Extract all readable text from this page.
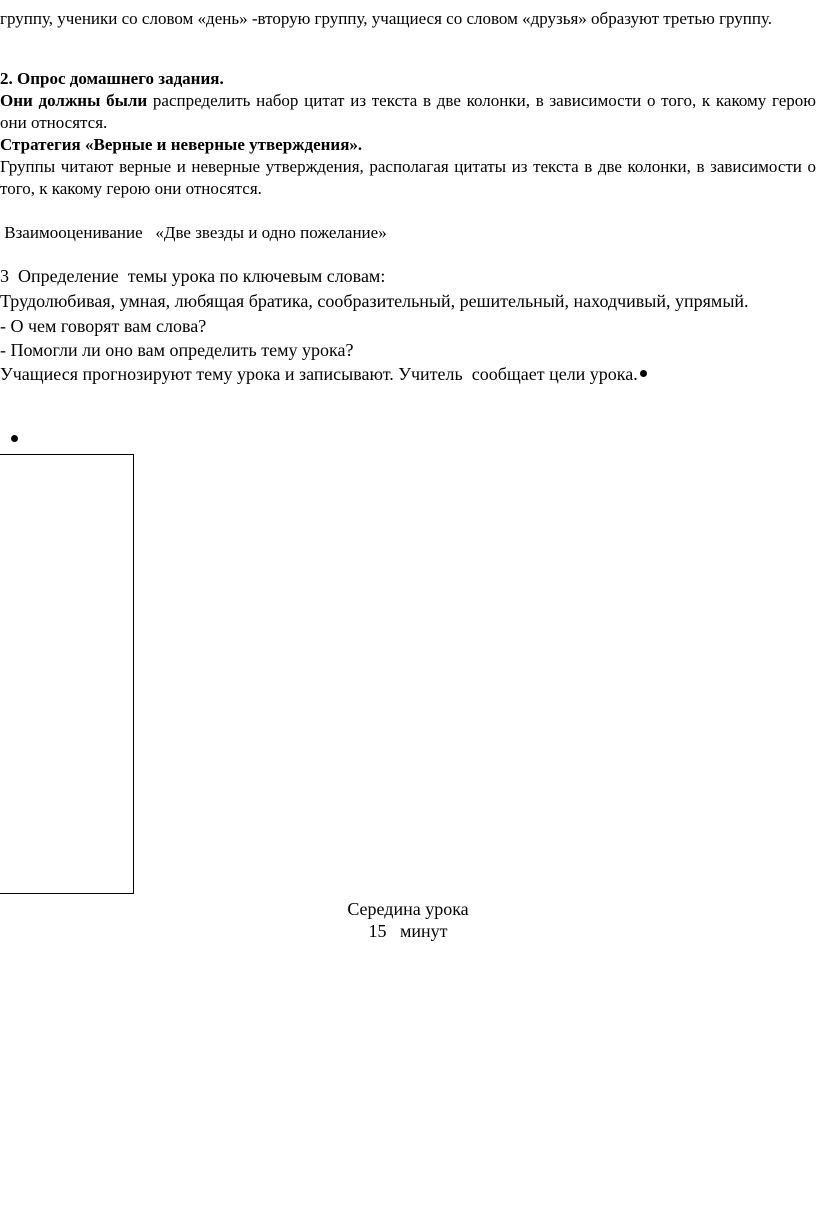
группу, ученики со словом «день» -вторую группу, учащиеся со словом «друзья» образуют третью группу.

2. Опрос домашнего задания.

Они должны были распределить набор цитат из текста в две колонки, в зависимости о того, к какому герою они относятся.

Стратегия «Верные и неверные утверждения».

Группы читают верные и неверные утверждения, располагая цитаты из текста в две колонки, в зависимости о того, к какому герою они относятся.

Взаимооценивание   «Две звезды и одно пожелание»

3  Определение  темы урока по ключевым словам:

Трудолюбивая, умная, любящая братика, сообразительный, решительный, находчивый, упрямый.

- О чем говорят вам слова?

- Помогли ли оно вам определить тему урока?

Учащиеся прогнозируют тему урока и записывают. Учитель  сообщает цели урока.

Середина урока

15   минут
